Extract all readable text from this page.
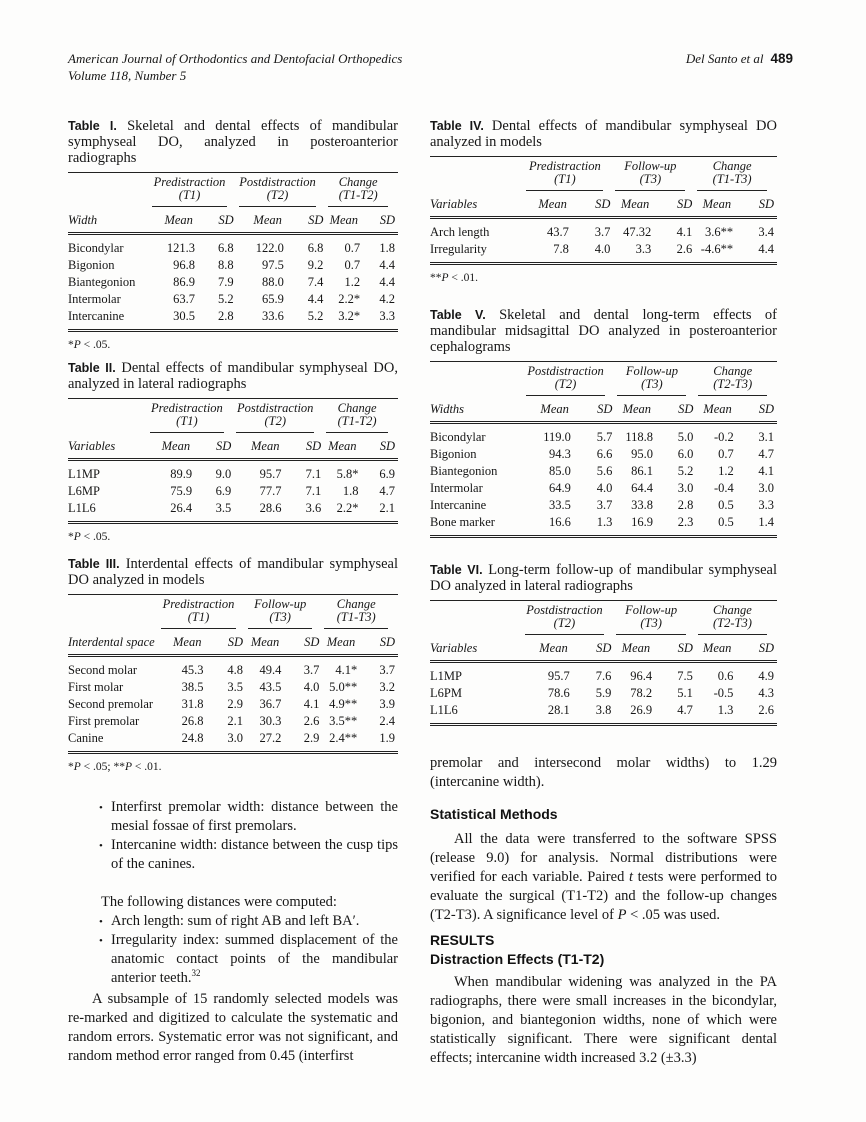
American Journal of Orthodontics and Dentofacial Orthopedics
Volume 118, Number 5
Del Santo et al 489
Table I. Skeletal and dental effects of mandibular symphyseal DO, analyzed in posteroanterior radiographs
Width	
Predistraction
(T1)

Postdistraction
(T2)

Change
(T1-T2)

	Mean	SD	Mean	SD	Mean	SD
Bicondylar	121.3	6.8	122.0	6.8	0.7	1.8
Bigonion	96.8	8.8	97.5	9.2	0.7	4.4
Biantegonion	86.9	7.9	88.0	7.4	1.2	4.4
Intermolar	63.7	5.2	65.9	4.4	2.2*	4.2
Intercanine	30.5	2.8	33.6	5.2	3.2*	3.3
*P < .05.
Table II. Dental effects of mandibular symphyseal DO, analyzed in lateral radiographs
Variables	
Predistraction
(T1)

Postdistraction
(T2)

Change
(T1-T2)

	Mean	SD	Mean	SD	Mean	SD
L1MP	89.9	9.0	95.7	7.1	5.8*	6.9
L6MP	75.9	6.9	77.7	7.1	1.8	4.7
L1L6	26.4	3.5	28.6	3.6	2.2*	2.1
*P < .05.
Table III. Interdental effects of mandibular symphyseal DO analyzed in models
Interdental space	
Predistraction
(T1)

Follow-up
(T3)

Change
(T1-T3)

	Mean	SD	Mean	SD	Mean	SD
Second molar	45.3	4.8	49.4	3.7	4.1*	3.7
First molar	38.5	3.5	43.5	4.0	5.0**	3.2
Second premolar	31.8	2.9	36.7	4.1	4.9**	3.9
First premolar	26.8	2.1	30.3	2.6	3.5**	2.4
Canine	24.8	3.0	27.2	2.9	2.4**	1.9
*P < .05; **P < .01.
• Interfirst premolar width: distance between the mesial fossae of first premolars.
• Intercanine width: distance between the cusp tips of the canines.

The following distances were computed:

• Arch length: sum of right AB and left BA′.
• Irregularity index: summed displacement of the anatomic contact points of the mandibular anterior teeth.$^{32}$

A subsample of 15 randomly selected models was re-marked and digitized to calculate the systematic and random errors. Systematic error was not significant, and random method error ranged from 0.45 (interfirst

Table IV. Dental effects of mandibular symphyseal DO analyzed in models
Variables	
Predistraction
(T1)

Follow-up
(T3)

Change
(T1-T3)

	Mean	SD	Mean	SD	Mean	SD
Arch length	43.7	3.7	47.32	4.1	3.6**	3.4
Irregularity	7.8	4.0	3.3	2.6	-4.6**	4.4
**P < .01.
Table V. Skeletal and dental long-term effects of mandibular midsagittal DO analyzed in posteroanterior cephalograms
Widths	
Postdistraction
(T2)

Follow-up
(T3)

Change
(T2-T3)

	Mean	SD	Mean	SD	Mean	SD
Bicondylar	119.0	5.7	118.8	5.0	-0.2	3.1
Bigonion	94.3	6.6	95.0	6.0	0.7	4.7
Biantegonion	85.0	5.6	86.1	5.2	1.2	4.1
Intermolar	64.9	4.0	64.4	3.0	-0.4	3.0
Intercanine	33.5	3.7	33.8	2.8	0.5	3.3
Bone marker	16.6	1.3	16.9	2.3	0.5	1.4
Table VI. Long-term follow-up of mandibular symphyseal DO analyzed in lateral radiographs
Variables	
Postdistraction
(T2)

Follow-up
(T3)

Change
(T2-T3)

	Mean	SD	Mean	SD	Mean	SD
L1MP	95.7	7.6	96.4	7.5	0.6	4.9
L6PM	78.6	5.9	78.2	5.1	-0.5	4.3
L1L6	28.1	3.8	26.9	4.7	1.3	2.6

premolar and intersecond molar widths) to 1.29 (intercanine width).

Statistical Methods

All the data were transferred to the software SPSS (release 9.0) for analysis. Normal distributions were verified for each variable. Paired t tests were performed to evaluate the surgical (T1-T2) and the follow-up changes (T2-T3). A significance level of P < .05 was used.

RESULTS
Distraction Effects (T1-T2)

When mandibular widening was analyzed in the PA radiographs, there were small increases in the bicondylar, bigonion, and biantegonion widths, none of which were statistically significant. There were significant dental effects; intercanine width increased 3.2 (±3.3)
